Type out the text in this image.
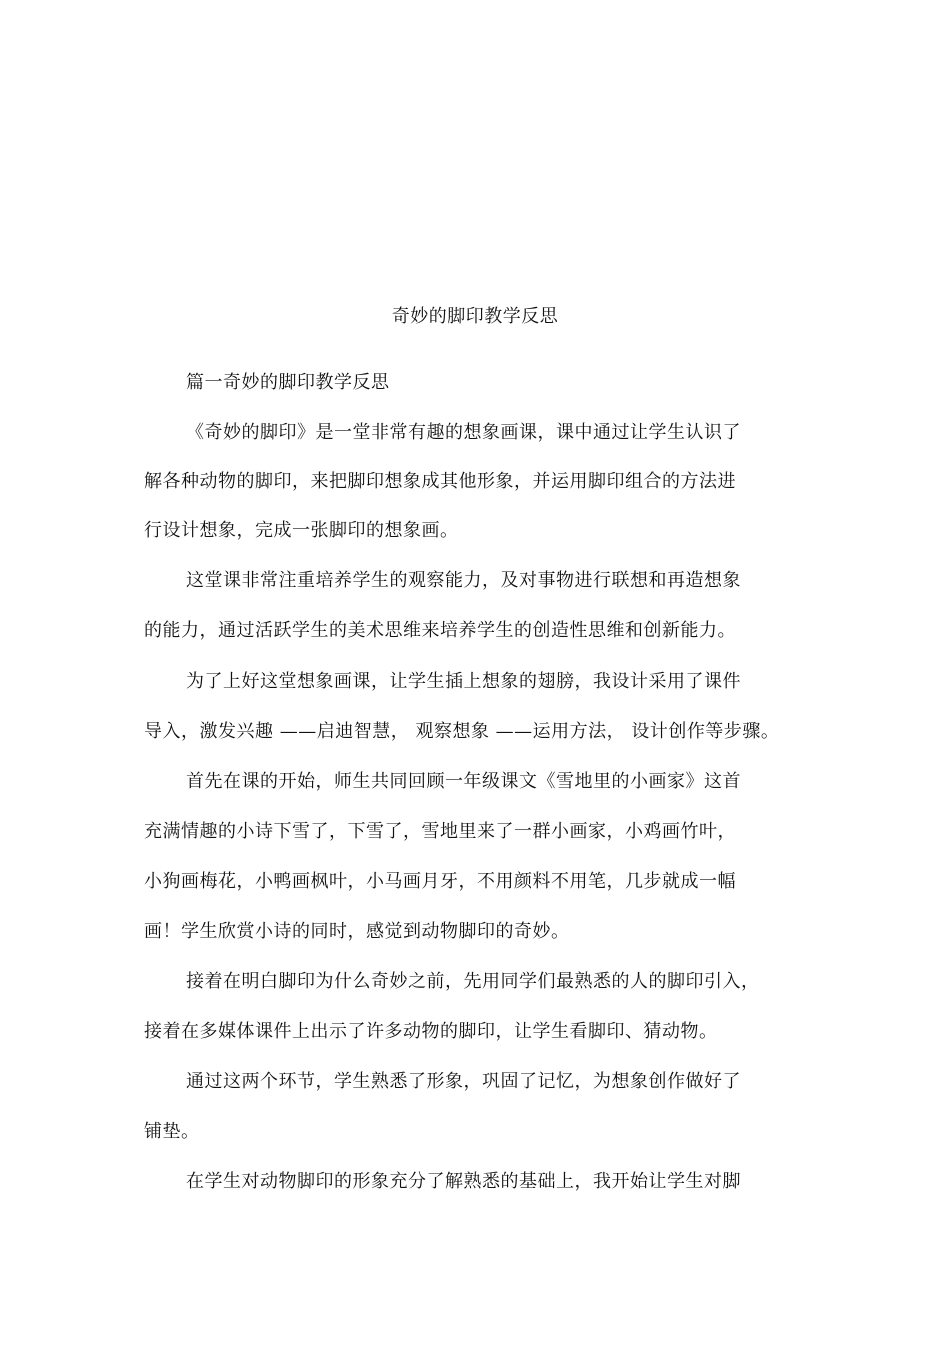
奇妙的脚印教学反思
篇一奇妙的脚印教学反思
《奇妙的脚印》是一堂非常有趣的想象画课，课中通过让学生认识了
解各种动物的脚印，来把脚印想象成其他形象，并运用脚印组合的方法进
行设计想象，完成一张脚印的想象画。
这堂课非常注重培养学生的观察能力，及对事物进行联想和再造想象
的能力，通过活跃学生的美术思维来培养学生的创造性思维和创新能力。
为了上好这堂想象画课，让学生插上想象的翅膀，我设计采用了课件
导入，激发兴趣 ——启迪智慧， 观察想象 ——运用方法， 设计创作等步骤。
首先在课的开始，师生共同回顾一年级课文《雪地里的小画家》这首
充满情趣的小诗下雪了，下雪了，雪地里来了一群小画家，小鸡画竹叶，
小狗画梅花，小鸭画枫叶，小马画月牙，不用颜料不用笔，几步就成一幅
画！学生欣赏小诗的同时，感觉到动物脚印的奇妙。
接着在明白脚印为什么奇妙之前，先用同学们最熟悉的人的脚印引入，
接着在多媒体课件上出示了许多动物的脚印，让学生看脚印、猜动物。
通过这两个环节，学生熟悉了形象，巩固了记忆，为想象创作做好了
铺垫。
在学生对动物脚印的形象充分了解熟悉的基础上，我开始让学生对脚
